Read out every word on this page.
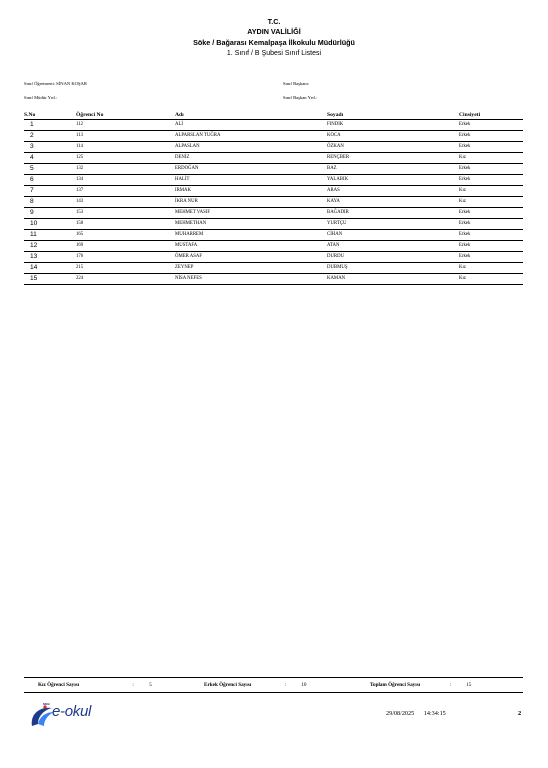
T.C.
AYDIN VALİLİĞİ
Söke / Bağarası Kemalpaşa İlkokulu Müdürlüğü
1. Sınıf / B Şubesi Sınıf Listesi
Sınıf Öğretmeni : SİNAN KOŞAR	Sınıf Başkanı :
Sınıf Müdür Yrd. :	Sınıf Başkan Yrd. :
S.No	Öğrenci No	Adı	Soyadı	Cinsiyeti
1	112	ALİ	FINDIK	Erkek
2	113	ALPARSLAN TUĞRA	KOCA	Erkek
3	114	ALPASLAN	ÖZKAN	Erkek
4	125	DENİZ	RENÇBER	Kız
5	132	ERDOĞAN	BAZ	Erkek
6	134	HALİT	YALABIK	Erkek
7	137	IRMAK	ARAS	Kız
8	143	İKRA NUR	KAYA	Kız
9	153	MEHMET VASIF	BAĞADIR	Erkek
10	158	MEHMETHAN	YURTÇU	Erkek
11	165	MUHARREM	CİHAN	Erkek
12	169	MUSTAFA	ATAN	Erkek
13	176	ÖMER ASAF	DURDU	Erkek
14	215	ZEYNEP	DUBMUŞ	Kız
15	224	NİSA NEFES	KAMAN	Kız
Kız Öğrenci Sayısı	:	5	Erkek Öğrenci Sayısı	:	10	Toplam Öğrenci Sayısı	:	15
MEB e-okul	29/08/2025 14:34:15	2
